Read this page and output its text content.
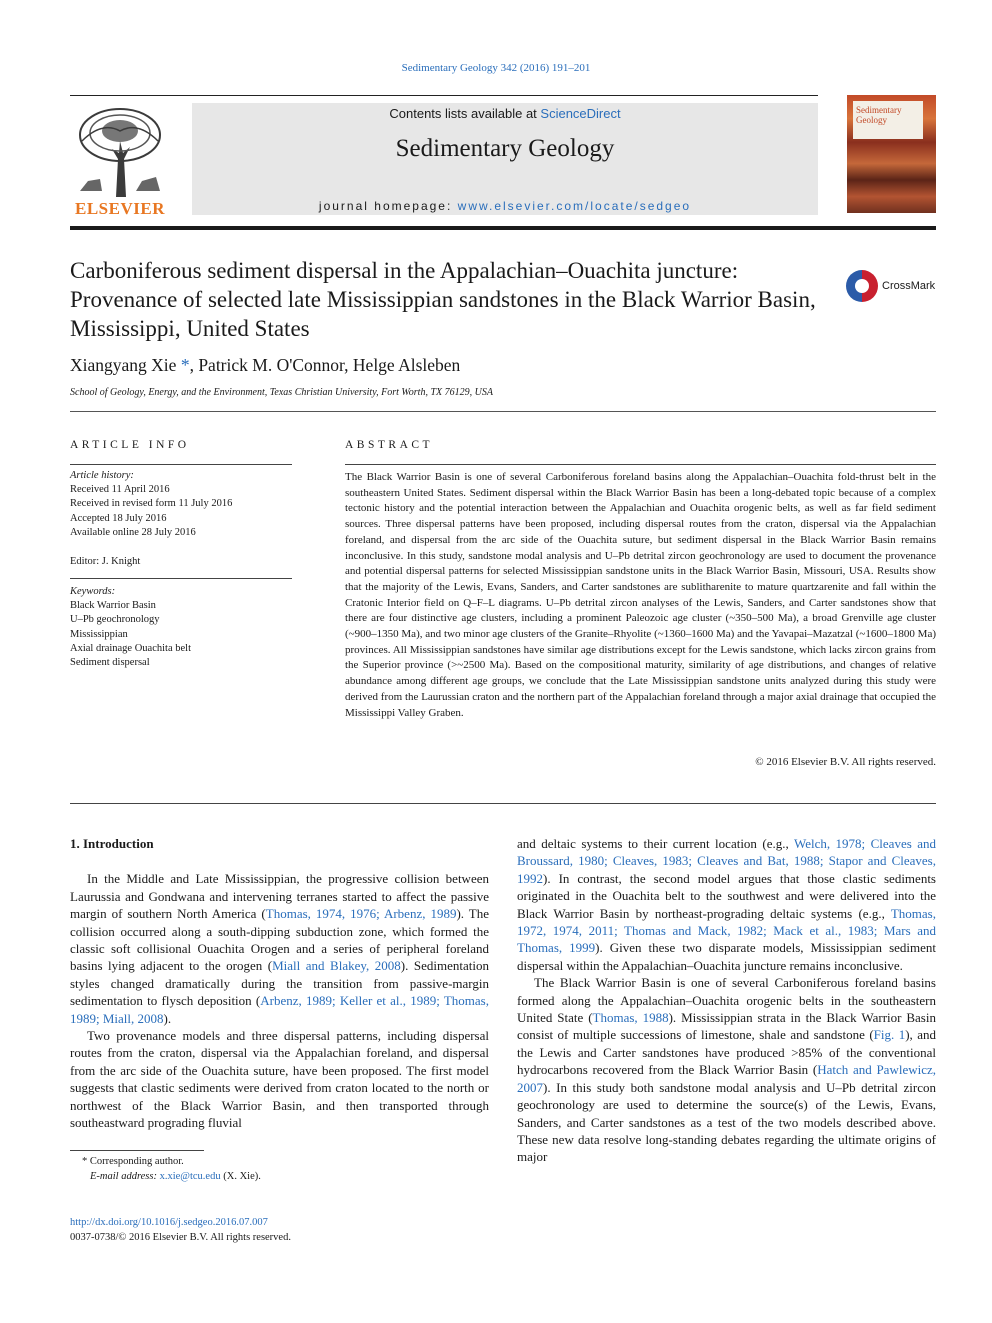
Sedimentary Geology 342 (2016) 191–201
ELSEVIER
Contents lists available at ScienceDirect
Sedimentary Geology
journal homepage: www.elsevier.com/locate/sedgeo
Sedimentary Geology
Carboniferous sediment dispersal in the Appalachian–Ouachita juncture: Provenance of selected late Mississippian sandstones in the Black Warrior Basin, Mississippi, United States
CrossMark
Xiangyang Xie *, Patrick M. O'Connor, Helge Alsleben
School of Geology, Energy, and the Environment, Texas Christian University, Fort Worth, TX 76129, USA
ARTICLE INFO	ABSTRACT
Article history:
Received 11 April 2016
Received in revised form 11 July 2016
Accepted 18 July 2016
Available online 28 July 2016
Editor: J. Knight
Keywords:
Black Warrior Basin
U–Pb geochronology
Mississippian
Axial drainage Ouachita belt
Sediment dispersal
The Black Warrior Basin is one of several Carboniferous foreland basins along the Appalachian–Ouachita fold-thrust belt in the southeastern United States. Sediment dispersal within the Black Warrior Basin has been a long-debated topic because of a complex tectonic history and the potential interaction between the Appalachian and Ouachita orogenic belts, as well as far field sediment sources. Three dispersal patterns have been proposed, including dispersal routes from the craton, dispersal via the Appalachian foreland, and dispersal from the arc side of the Ouachita suture, but sediment dispersal in the Black Warrior Basin remains inconclusive. In this study, sandstone modal analysis and U–Pb detrital zircon geochronology are used to document the provenance and potential dispersal patterns for selected Mississippian sandstone units in the Black Warrior Basin, Missouri, USA. Results show that the majority of the Lewis, Evans, Sanders, and Carter sandstones are sublitharenite to mature quartzarenite and fall within the Cratonic Interior field on Q–F–L diagrams. U–Pb detrital zircon analyses of the Lewis, Sanders, and Carter sandstones show that there are four distinctive age clusters, including a prominent Paleozoic age cluster (~350–500 Ma), a broad Grenville age cluster (~900–1350 Ma), and two minor age clusters of the Granite–Rhyolite (~1360–1600 Ma) and the Yavapai–Mazatzal (~1600–1800 Ma) provinces. All Mississippian sandstones have similar age distributions except for the Lewis sandstone, which lacks zircon grains from the Superior province (>~2500 Ma). Based on the compositional maturity, similarity of age distributions, and changes of relative abundance among different age groups, we conclude that the Late Mississippian sandstone units analyzed during this study were derived from the Laurussian craton and the northern part of the Appalachian foreland through a major axial drainage that occupied the Mississippi Valley Graben.
© 2016 Elsevier B.V. All rights reserved.
1. Introduction

In the Middle and Late Mississippian, the progressive collision between Laurussia and Gondwana and intervening terranes started to affect the passive margin of southern North America (Thomas, 1974, 1976; Arbenz, 1989). The collision occurred along a south-dipping subduction zone, which formed the classic soft collisional Ouachita Orogen and a series of peripheral foreland basins lying adjacent to the orogen (Miall and Blakey, 2008). Sedimentation styles changed dramatically during the transition from passive-margin sedimentation to flysch deposition (Arbenz, 1989; Keller et al., 1989; Thomas, 1989; Miall, 2008).

Two provenance models and three dispersal patterns, including dispersal routes from the craton, dispersal via the Appalachian foreland, and dispersal from the arc side of the Ouachita suture, have been proposed. The first model suggests that clastic sediments were derived from craton located to the north or northwest of the Black Warrior Basin, and then transported through southeastward prograding fluvial

and deltaic systems to their current location (e.g., Welch, 1978; Cleaves and Broussard, 1980; Cleaves, 1983; Cleaves and Bat, 1988; Stapor and Cleaves, 1992). In contrast, the second model argues that those clastic sediments originated in the Ouachita belt to the southwest and were delivered into the Black Warrior Basin by northeast-prograding deltaic systems (e.g., Thomas, 1972, 1974, 2011; Thomas and Mack, 1982; Mack et al., 1983; Mars and Thomas, 1999). Given these two disparate models, Mississippian sediment dispersal within the Appalachian–Ouachita juncture remains inconclusive.

The Black Warrior Basin is one of several Carboniferous foreland basins formed along the Appalachian–Ouachita orogenic belts in the southeastern United State (Thomas, 1988). Mississippian strata in the Black Warrior Basin consist of multiple successions of limestone, shale and sandstone (Fig. 1), and the Lewis and Carter sandstones have produced >85% of the conventional hydrocarbons recovered from the Black Warrior Basin (Hatch and Pawlewicz, 2007). In this study both sandstone modal analysis and U–Pb detrital zircon geochronology are used to determine the source(s) of the Lewis, Evans, Sanders, and Carter sandstones as a test of the two models described above. These new data resolve long-standing debates regarding the ultimate origins of major

* Corresponding author.
E-mail address: x.xie@tcu.edu (X. Xie).
http://dx.doi.org/10.1016/j.sedgeo.2016.07.007
0037-0738/© 2016 Elsevier B.V. All rights reserved.
